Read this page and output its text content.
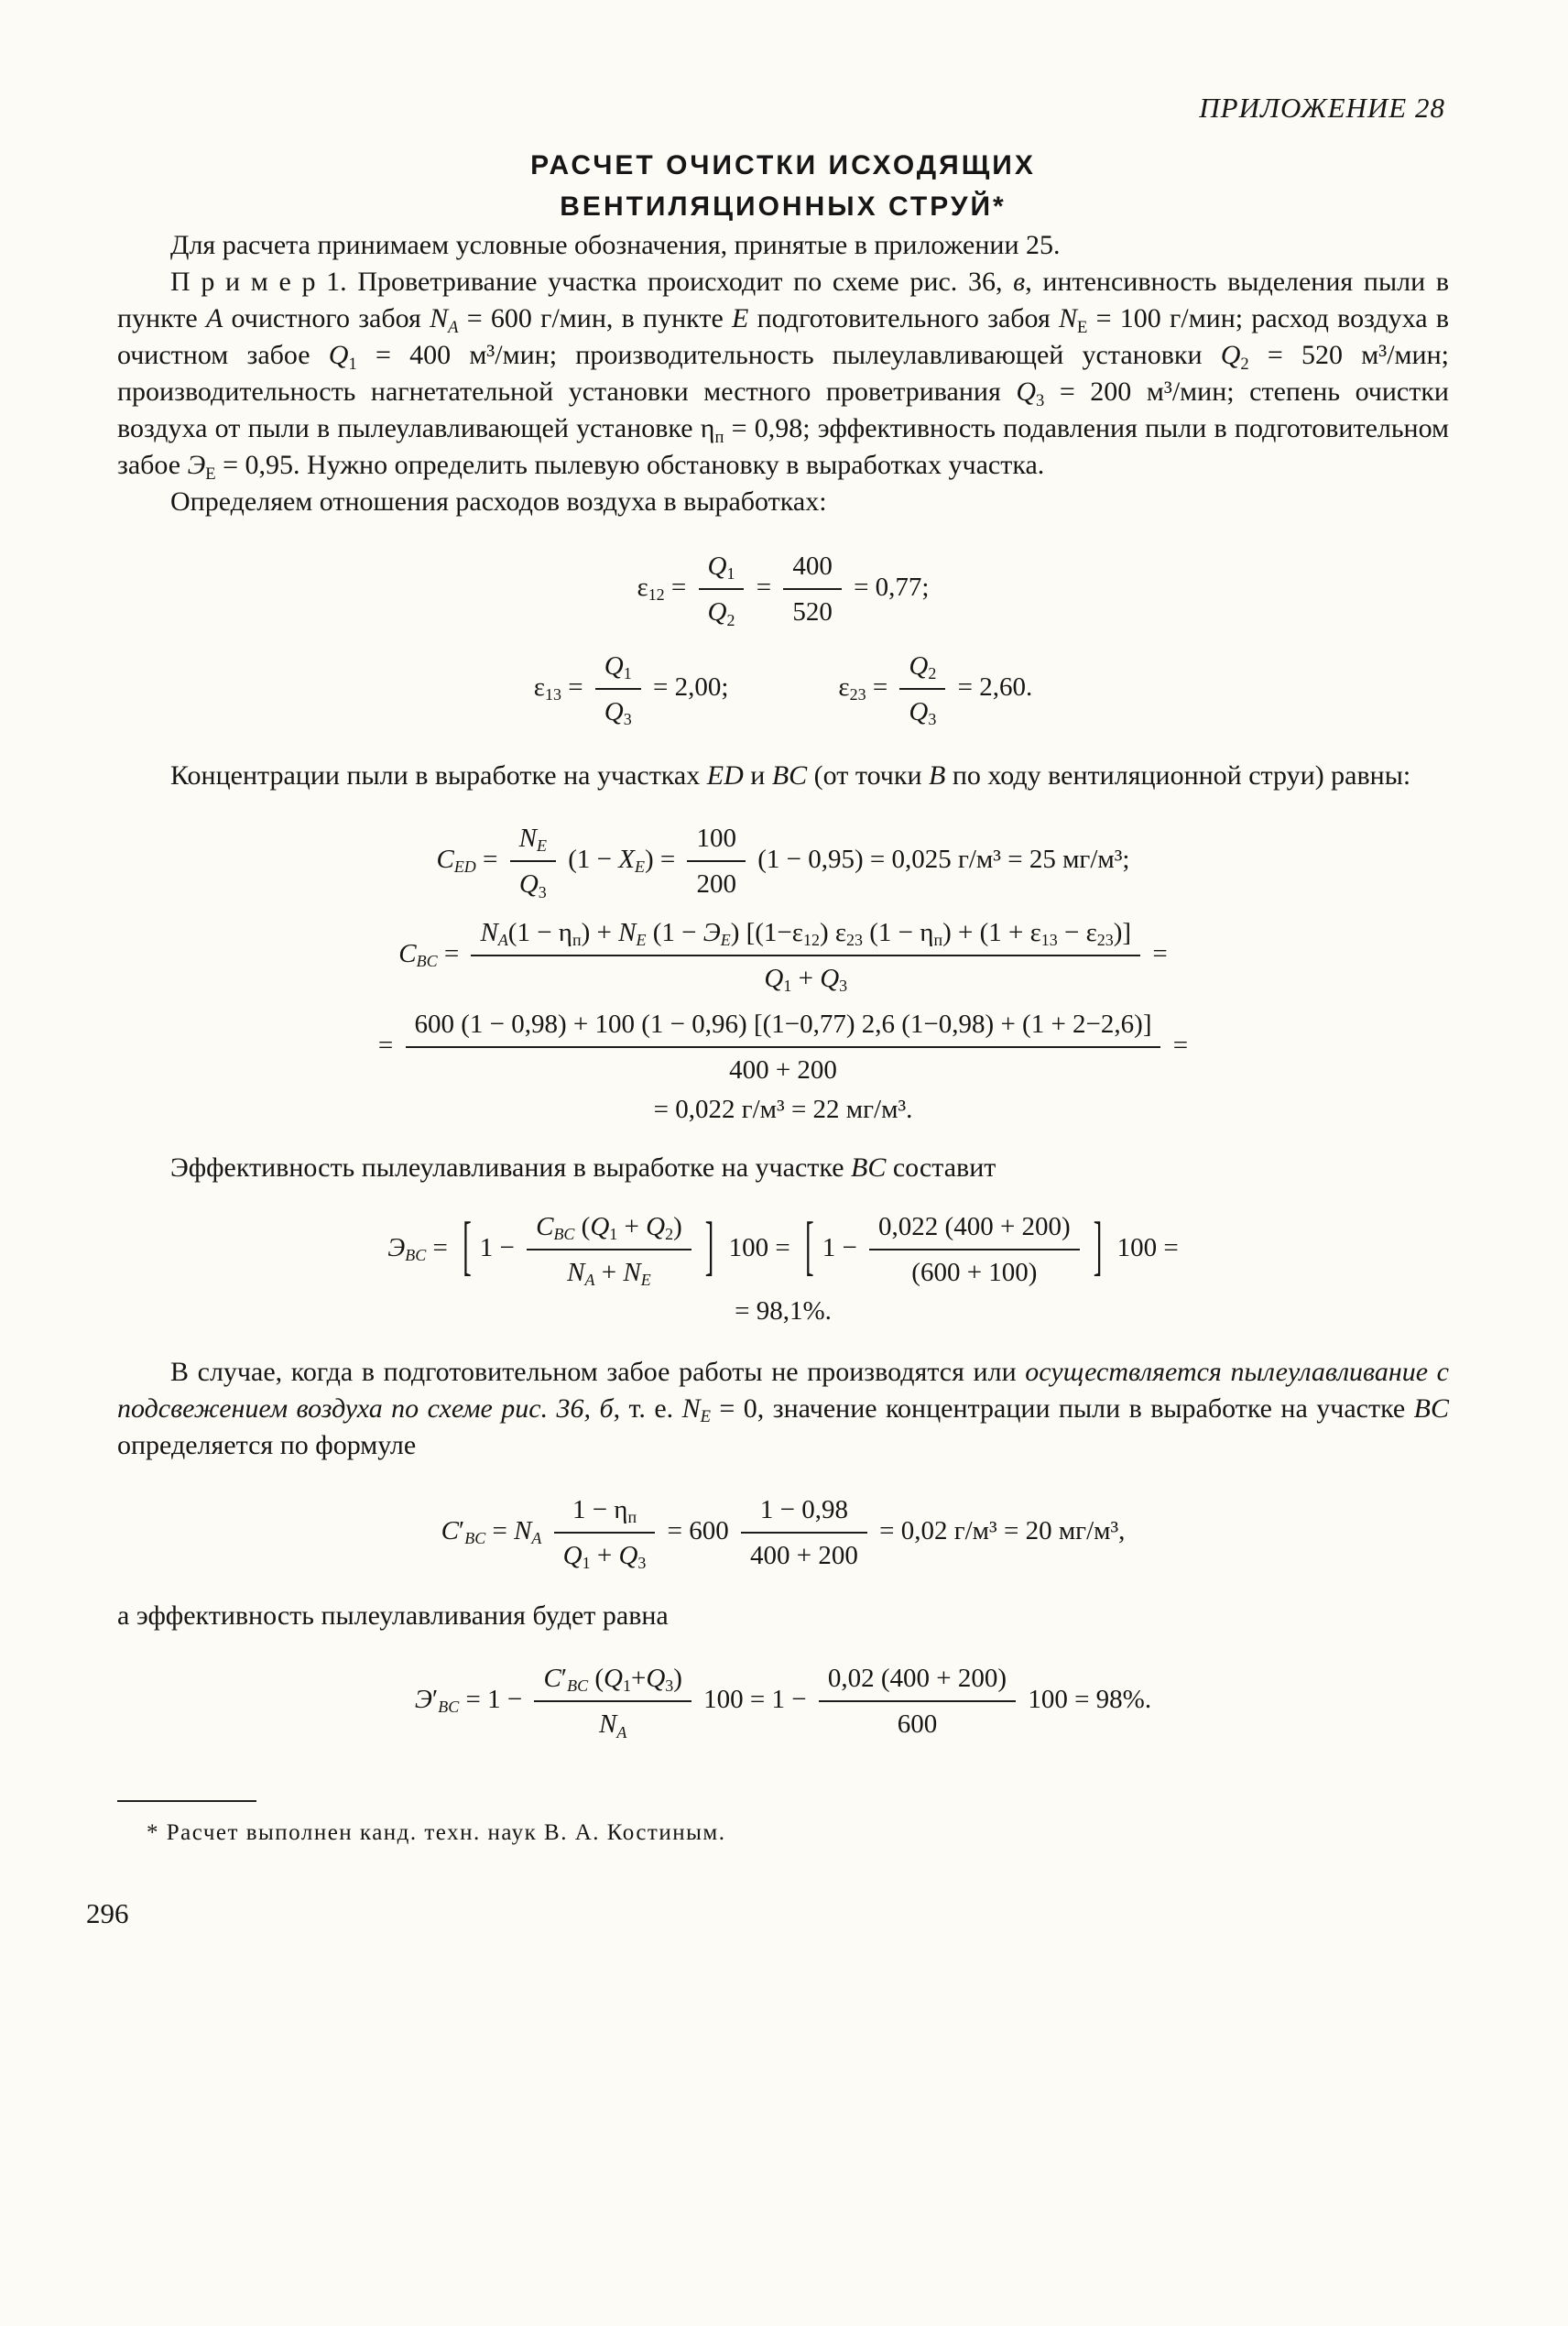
ПРИЛОЖЕНИЕ 28
РАСЧЕТ ОЧИСТКИ ИСХОДЯЩИХ
ВЕНТИЛЯЦИОННЫХ СТРУЙ*

Для расчета принимаем условные обозначения, принятые в приложении 25.

П р и м е р 1. Проветривание участка происходит по схеме рис. 36, в, интенсивность выделения пыли в пункте А очистного забоя $N_A = 600$ г/мин, в пункте Е подготовительного забоя $N_Е = 100$ г/мин; расход воздуха в очистном забое $Q_1 = 400$ м³/мин; производительность пылеулавливающей установки $Q_2 = 520$ м³/мин; производительность нагнетательной установки местного проветривания $Q_3 = 200$ м³/мин; степень очистки воздуха от пыли в пылеулавливающей установке $\eta_п = 0,98$; эффективность подавления пыли в подготовительном забое $Э_Е = 0,95$. Нужно определить пылевую обстановку в выработках участка.

Определяем отношения расходов воздуха в выработках:

$\varepsilon_{12} = \frac{Q_1}{Q_2} = \frac{400}{520} = 0,77$;
$\varepsilon_{13} = \frac{Q_1}{Q_3} = 2,00$;	$\varepsilon_{23} = \frac{Q_2}{Q_3} = 2,60$.

Концентрации пыли в выработке на участках ED и BC (от точки B по ходу вентиляционной струи) равны:

$C_{ED} = \frac{N_E}{Q_3} (1 - X_E) = \frac{100}{200} (1 - 0,95) = 0,025$ г/м³ = 25 мг/м³;
$C_{BC}$ =
$N_A(1 - \eta_п) + N_E$ $(1 - Э_E)$ [$(1-\varepsilon_{12})$ $\varepsilon_{23}$ $(1 - \eta_п) + (1 + \varepsilon_{13} - \varepsilon_{23})$]
$Q_1 + Q_3$
=
=
600 (1 − 0,98) + 100 (1 − 0,96) [(1−0,77) 2,6 (1−0,98) + (1 + 2−2,6)]
400 + 200
=
= 0,022 г/м³ = 22 мг/м³.

Эффективность пылеулавливания в выработке на участке BC составит

$Э_{BC}$ = [ $1 - \frac{C_{BC} (Q_1 + Q_2)}{N_A + N_E}$ ] 100 = [ $1 - \frac{0,022 (400 + 200)}{(600 + 100)}$ ] 100 =
= 98,1%.

В случае, когда в подготовительном забое работы не производятся или осуществляется пылеулавливание с подсвежением воздуха по схеме рис. 36, б, т. е. $N_E = 0$, значение концентрации пыли в выработке на участке BC определяется по формуле

$C'_{BC} = N_A \frac{1 - \eta_п}{Q_1 + Q_3} = 600 \frac{1 - 0,98}{400 + 200} = 0,02$ г/м³ = 20 мг/м³,

а эффективность пылеулавливания будет равна

$Э'_{BC} = 1 - \frac{C'_{BC} (Q_1+Q_3)}{N_A} 100 = 1 - \frac{0,02 (400 + 200)}{600} 100 = 98\%$.

* Расчет выполнен канд. техн. наук В. А. Костиным.

296
